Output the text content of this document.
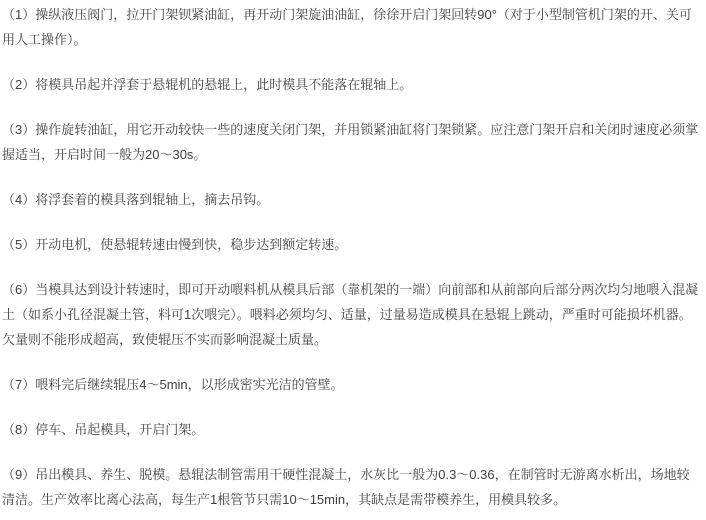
（1）操纵液压阀门，拉开门架钡紧油缸，再开动门架旋油油缸，徐徐开启门架回转90°（对于小型制管机门架的开、关可用人工操作）。

（2）将模具吊起并浮套于悬辊机的悬辊上，此时模具不能落在辊轴上。

（3）操作旋转油缸，用它开动较快一些的速度关闭门架，并用锁紧油缸将门架锁紧。应注意门架开启和关闭时速度必须掌握适当，开启时间一般为20～30s。

（4）将浮套着的模具落到辊轴上，摘去吊钩。

（5）开动电机，使悬辊转速由慢到快，稳步达到额定转速。

（6）当模具达到设计转速时，即可开动喂料机从模具后部（靠机架的一端）向前部和从前部向后部分两次均匀地喂入混凝土（如系小孔径混凝土管，料可1次喂完）。喂料必须均匀、适量，过量易造成模具在悬辊上跳动，严重时可能损坏机器。欠量则不能形成超高，致使辊压不实而影响混凝土质量。

（7）喂料完后继续辊压4～5min，以形成密实光洁的管壁。

（8）停车、吊起模具，开启门架。

（9）吊出模具、养生、脱模。悬辊法制管需用干硬性混凝土，水灰比一般为0.3～0.36，在制管时无游离水析出，场地较清洁。生产效率比离心法高，每生产1根管节只需10～15min，其缺点是需带模养生，用模具较多。
